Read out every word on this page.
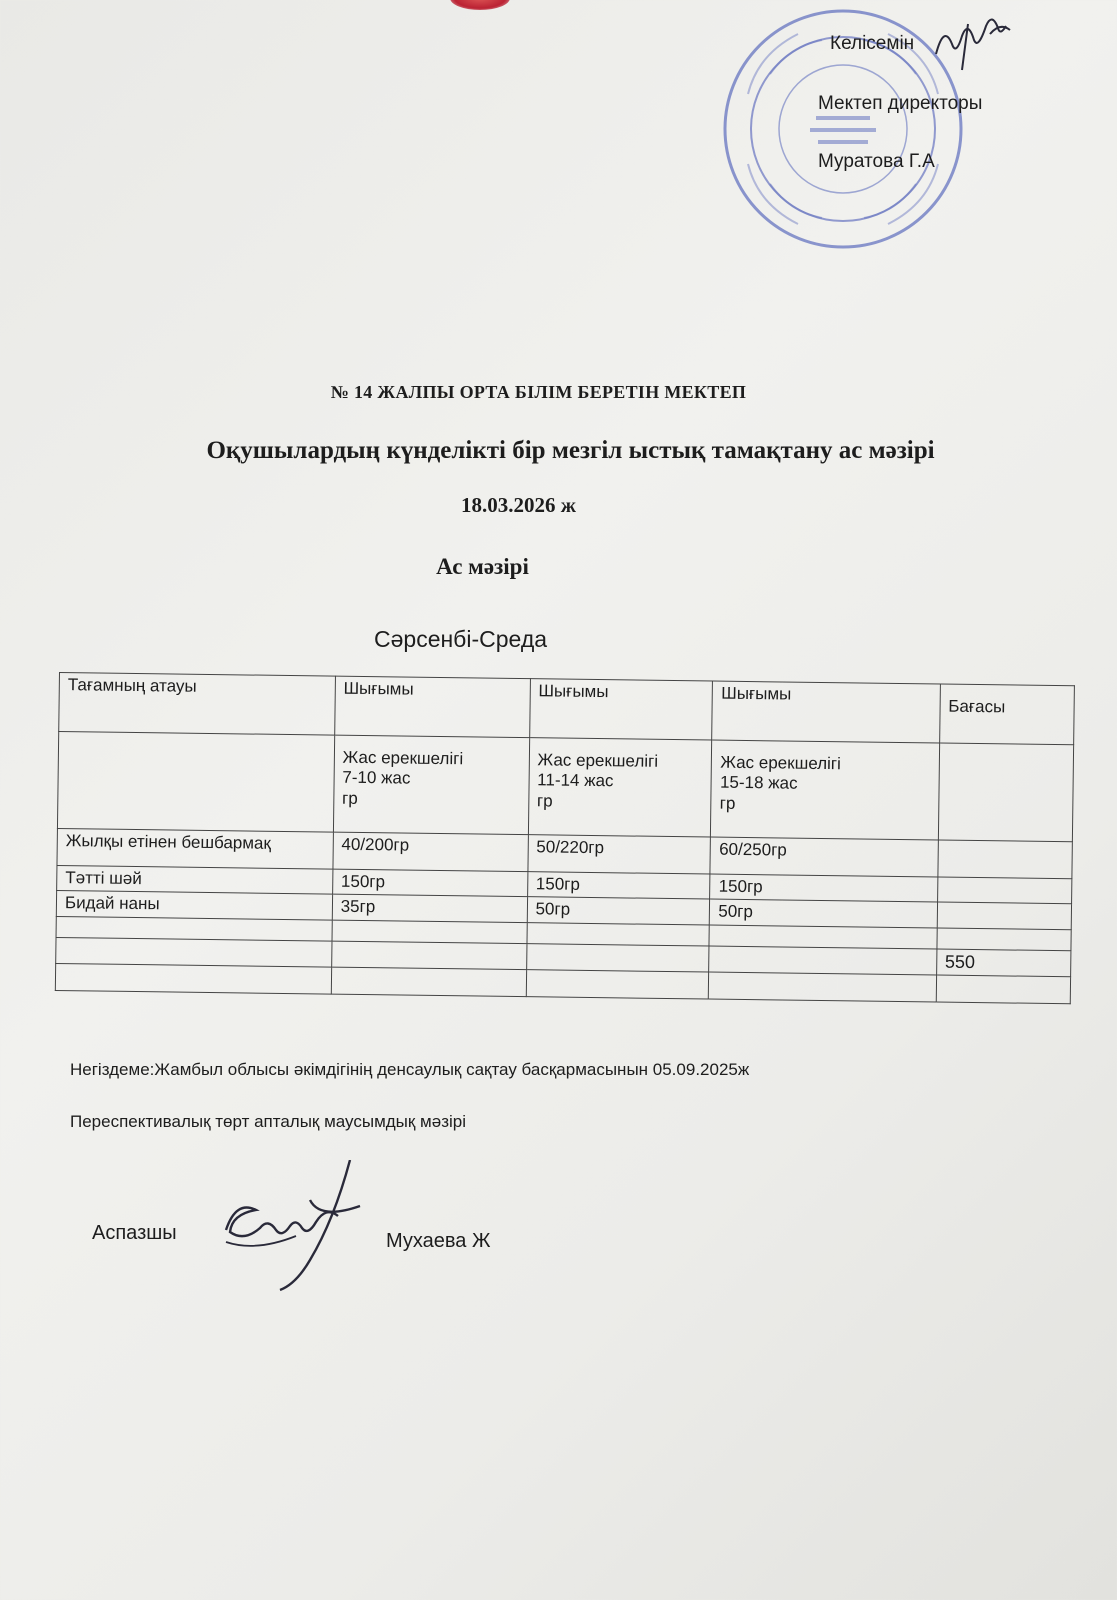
Келісемін
Мектеп директоры
Муратова Г.А
№ 14 ЖАЛПЫ ОРТА БІЛІМ БЕРЕТІН МЕКТЕП
Оқушылардың күнделікті бір мезгіл ыстық тамақтану ас мәзірі
18.03.2026 ж
Ас мәзірі
Сәрсенбі-Среда
Тағамның атауы	Шығымы	Шығымы	Шығымы	Бағасы

	Жас ерекшелігі
7-10 жас
гр	Жас ерекшелігі
11-14 жас
гр	Жас ерекшелігі
15-18 жас
гр	

Жылқы етінен бешбармақ	40/200гр	50/220гр	60/250гр	
Тәтті шәй	150гр	150гр	150гр	
Бидай наны	35гр	50гр	50гр	

				550

Негіздеме:Жамбыл облысы әкімдігінің денсаулық сақтау басқармасынын 05.09.2025ж
Переспективалық төрт апталық маусымдық мәзірі
Аспазшы	Мухаева Ж
